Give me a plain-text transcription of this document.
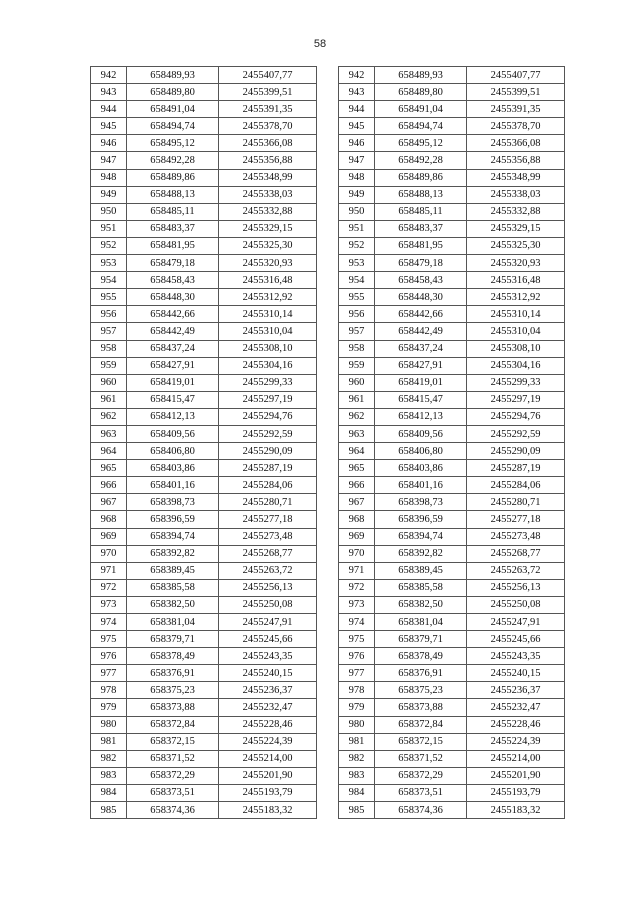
58
942	658489,93	2455407,77
943	658489,80	2455399,51
944	658491,04	2455391,35
945	658494,74	2455378,70
946	658495,12	2455366,08
947	658492,28	2455356,88
948	658489,86	2455348,99
949	658488,13	2455338,03
950	658485,11	2455332,88
951	658483,37	2455329,15
952	658481,95	2455325,30
953	658479,18	2455320,93
954	658458,43	2455316,48
955	658448,30	2455312,92
956	658442,66	2455310,14
957	658442,49	2455310,04
958	658437,24	2455308,10
959	658427,91	2455304,16
960	658419,01	2455299,33
961	658415,47	2455297,19
962	658412,13	2455294,76
963	658409,56	2455292,59
964	658406,80	2455290,09
965	658403,86	2455287,19
966	658401,16	2455284,06
967	658398,73	2455280,71
968	658396,59	2455277,18
969	658394,74	2455273,48
970	658392,82	2455268,77
971	658389,45	2455263,72
972	658385,58	2455256,13
973	658382,50	2455250,08
974	658381,04	2455247,91
975	658379,71	2455245,66
976	658378,49	2455243,35
977	658376,91	2455240,15
978	658375,23	2455236,37
979	658373,88	2455232,47
980	658372,84	2455228,46
981	658372,15	2455224,39
982	658371,52	2455214,00
983	658372,29	2455201,90
984	658373,51	2455193,79
985	658374,36	2455183,32
942	658489,93	2455407,77
943	658489,80	2455399,51
944	658491,04	2455391,35
945	658494,74	2455378,70
946	658495,12	2455366,08
947	658492,28	2455356,88
948	658489,86	2455348,99
949	658488,13	2455338,03
950	658485,11	2455332,88
951	658483,37	2455329,15
952	658481,95	2455325,30
953	658479,18	2455320,93
954	658458,43	2455316,48
955	658448,30	2455312,92
956	658442,66	2455310,14
957	658442,49	2455310,04
958	658437,24	2455308,10
959	658427,91	2455304,16
960	658419,01	2455299,33
961	658415,47	2455297,19
962	658412,13	2455294,76
963	658409,56	2455292,59
964	658406,80	2455290,09
965	658403,86	2455287,19
966	658401,16	2455284,06
967	658398,73	2455280,71
968	658396,59	2455277,18
969	658394,74	2455273,48
970	658392,82	2455268,77
971	658389,45	2455263,72
972	658385,58	2455256,13
973	658382,50	2455250,08
974	658381,04	2455247,91
975	658379,71	2455245,66
976	658378,49	2455243,35
977	658376,91	2455240,15
978	658375,23	2455236,37
979	658373,88	2455232,47
980	658372,84	2455228,46
981	658372,15	2455224,39
982	658371,52	2455214,00
983	658372,29	2455201,90
984	658373,51	2455193,79
985	658374,36	2455183,32
